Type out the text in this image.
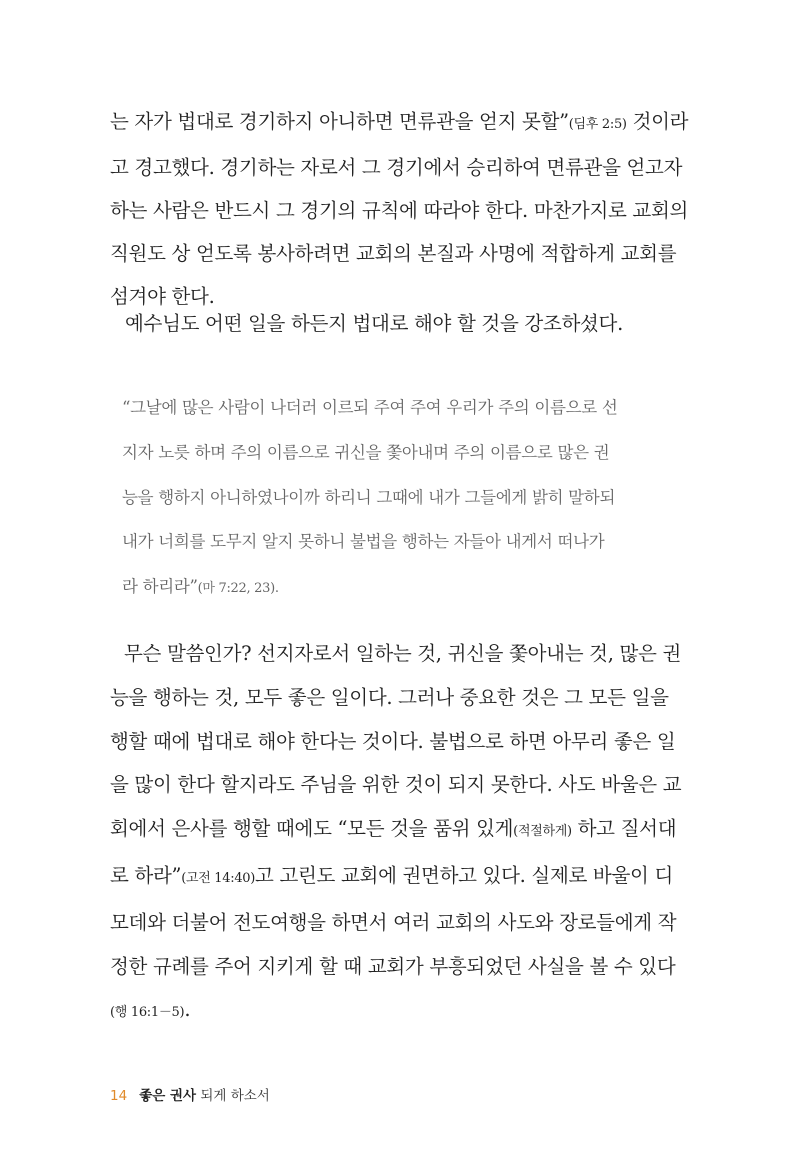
는 자가 법대로 경기하지 아니하면 면류관을 얻지 못할”(딤후 2:5) 것이라
고 경고했다. 경기하는 자로서 그 경기에서 승리하여 면류관을 얻고자
하는 사람은 반드시 그 경기의 규칙에 따라야 한다. 마찬가지로 교회의
직원도 상 얻도록 봉사하려면 교회의 본질과 사명에 적합하게 교회를
섬겨야 한다.
예수님도 어떤 일을 하든지 법대로 해야 할 것을 강조하셨다.
“그날에 많은 사람이 나더러 이르되 주여 주여 우리가 주의 이름으로 선
지자 노릇 하며 주의 이름으로 귀신을 쫓아내며 주의 이름으로 많은 권
능을 행하지 아니하였나이까 하리니 그때에 내가 그들에게 밝히 말하되
내가 너희를 도무지 알지 못하니 불법을 행하는 자들아 내게서 떠나가
라 하리라”(마 7:22, 23).
무슨 말씀인가? 선지자로서 일하는 것, 귀신을 쫓아내는 것, 많은 권
능을 행하는 것, 모두 좋은 일이다. 그러나 중요한 것은 그 모든 일을
행할 때에 법대로 해야 한다는 것이다. 불법으로 하면 아무리 좋은 일
을 많이 한다 할지라도 주님을 위한 것이 되지 못한다. 사도 바울은 교
회에서 은사를 행할 때에도 “모든 것을 품위 있게(적절하게) 하고 질서대
로 하라”(고전 14:40)고 고린도 교회에 권면하고 있다. 실제로 바울이 디
모데와 더불어 전도여행을 하면서 여러 교회의 사도와 장로들에게 작
정한 규례를 주어 지키게 할 때 교회가 부흥되었던 사실을 볼 수 있다
(행 16:1－5).
14 좋은 권사 되게 하소서
